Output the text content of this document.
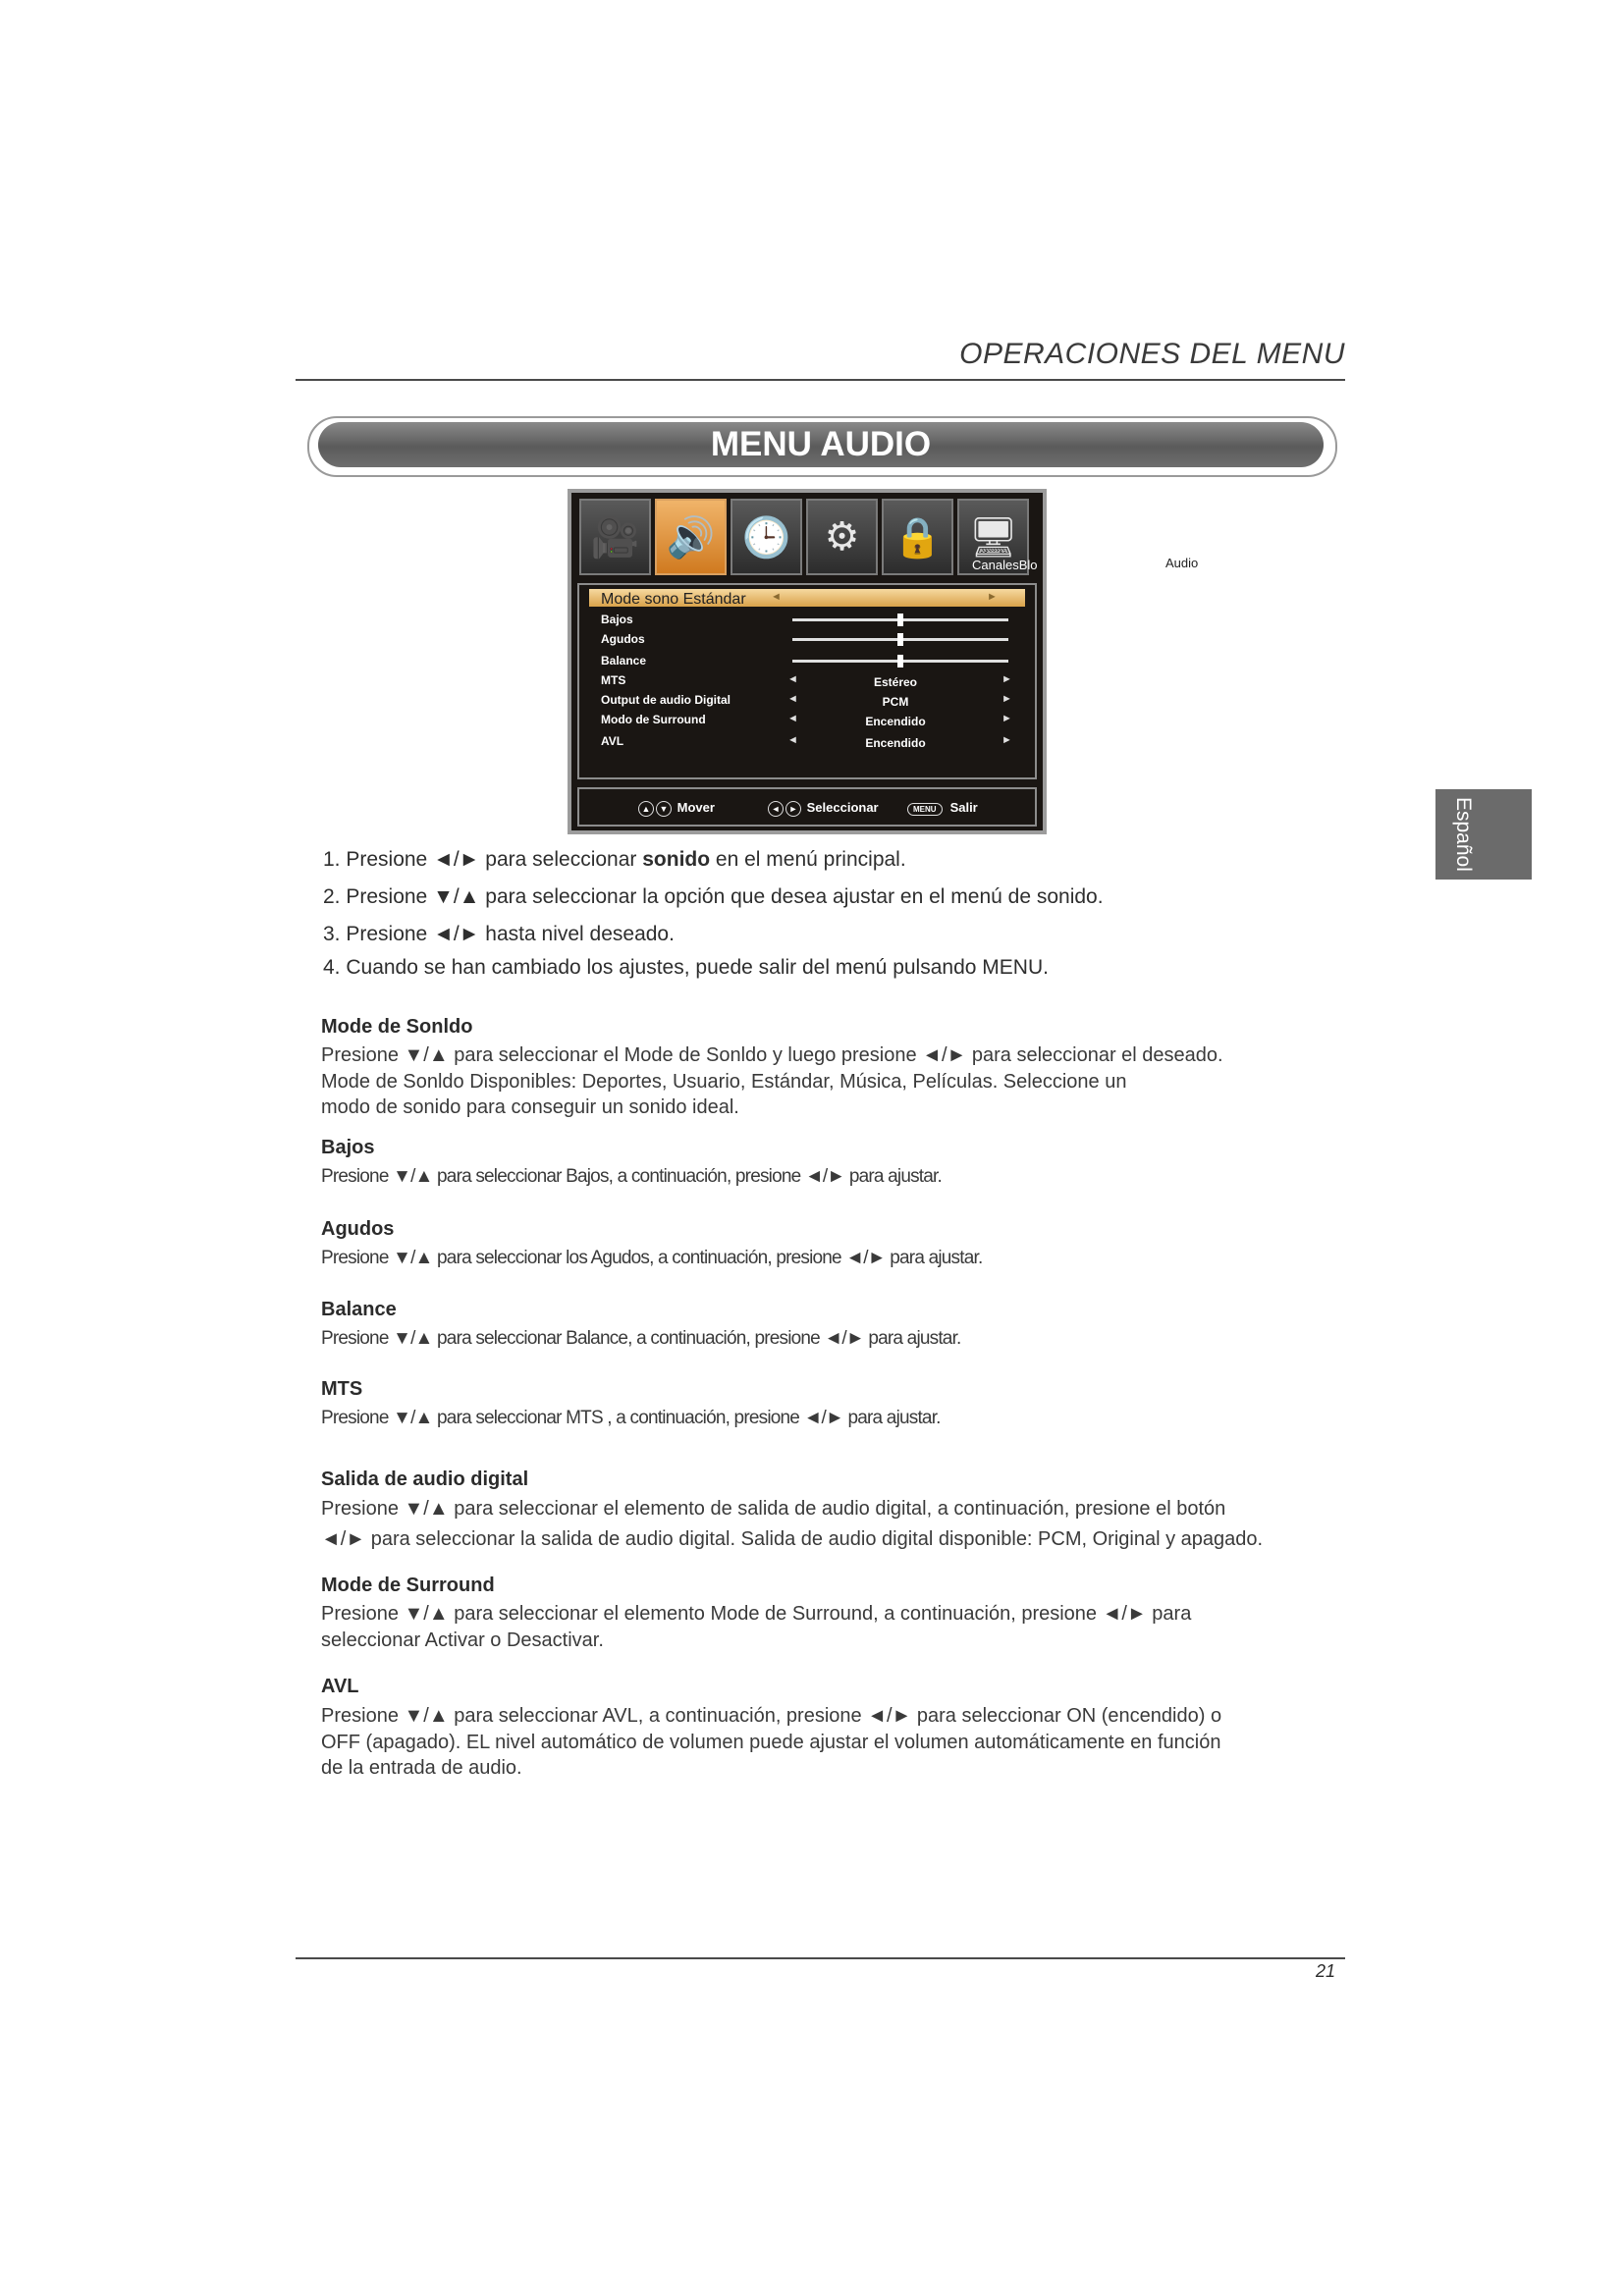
OPERACIONES DEL MENU
MENU AUDIO
🎥 🔊 🕒 ⚙ 🔒 🖥
CanalesBlo
Mode sono Estándar ◄	►
Bajos
Agudos
Balance
MTS	◄	Estéreo	►
Output de audio Digital	◄	PCM	►
Modo de Surround	◄	Encendido	►
AVL	◄	Encendido	►
▲ ▼ Mover	◄ ► Seleccionar	MENU Salir
Audio
Español
1. Presione ◄/► para seleccionar sonido en el menú principal.
2. Presione ▼/▲ para seleccionar la opción que desea ajustar en el menú de sonido.
3. Presione ◄/► hasta nivel deseado.
4. Cuando se han cambiado los ajustes, puede salir del menú pulsando MENU.
Mode de Sonldo
Presione ▼/▲ para seleccionar el Mode de Sonldo y luego presione ◄/► para seleccionar el deseado.
Mode de Sonldo Disponibles: Deportes, Usuario, Estándar, Música, Películas. Seleccione un
modo de sonido para conseguir un sonido ideal.
Bajos
Presione ▼/▲ para seleccionar Bajos, a continuación, presione ◄/► para ajustar.
Agudos
Presione ▼/▲ para seleccionar los Agudos, a continuación, presione ◄/► para ajustar.
Balance
Presione ▼/▲ para seleccionar Balance, a continuación, presione ◄/► para ajustar.
MTS
Presione ▼/▲ para seleccionar MTS , a continuación, presione ◄/► para ajustar.
Salida de audio digital
Presione ▼/▲ para seleccionar el elemento de salida de audio digital, a continuación, presione el botón
◄/► para seleccionar la salida de audio digital. Salida de audio digital disponible: PCM, Original y apagado.
Mode de Surround
Presione ▼/▲ para seleccionar el elemento Mode de Surround, a continuación, presione ◄/► para
seleccionar Activar o Desactivar.
AVL
Presione ▼/▲ para seleccionar AVL, a continuación, presione ◄/► para seleccionar ON (encendido) o
OFF (apagado). EL nivel automático de volumen puede ajustar el volumen automáticamente en función
de la entrada de audio.
21
